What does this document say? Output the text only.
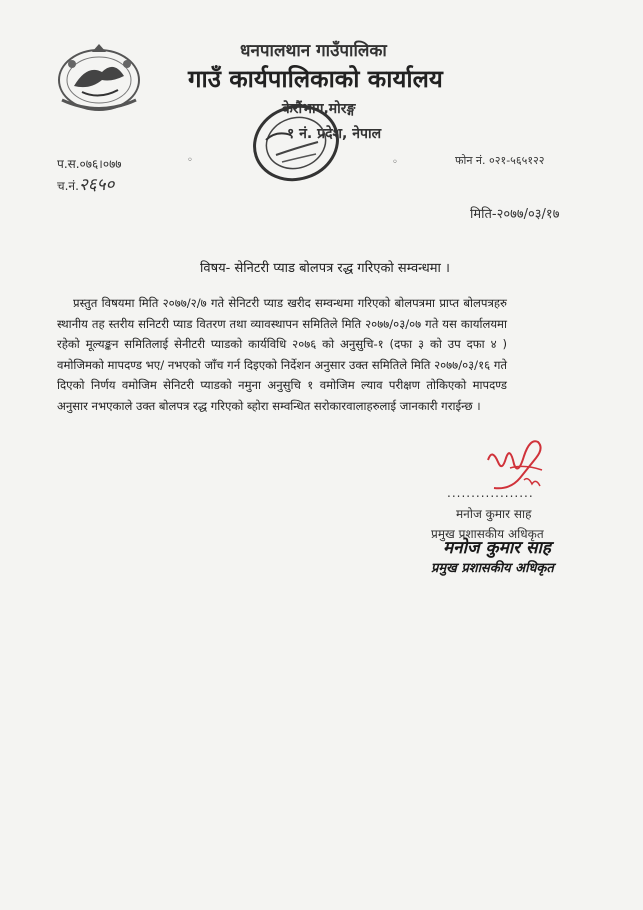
धनपालथान गाउँपालिका
गाउँ कार्यपालिकाको कार्यालय
केरौंभाग,मोरङ्ग
१ नं. प्रदेश, नेपाल
प.स.०७६।०७७
च.नं.२६५०
फोन नं. ०२१-५६५१२२
मिति-२०७७/०३/१७
विषय- सेनिटरी प्याड बोलपत्र रद्ध गरिएको सम्वन्धमा ।
प्रस्तुत विषयमा मिति २०७७/२/७ गते सेनिटरी प्याड खरीद सम्वन्धमा गरिएको बोलपत्रमा प्राप्त बोलपत्रहरु स्थानीय तह स्तरीय सनिटरी प्याड वितरण तथा व्यावस्थापन समितिले मिति २०७७/०३/०७ गते यस कार्यालयमा रहेको मूल्यङ्कन समितिलाई सेनीटरी प्याडको कार्यविधि २०७६ को अनुसुचि-१ (दफा ३ को उप दफा ४ ) वमोजिमको मापदण्ड भए/ नभएको जाँच गर्न दिइएको निर्देशन अनुसार उक्त समितिले मिति २०७७/०३/१६ गते दिएको निर्णय वमोजिम सेनिटरी प्याडको नमुना अनुसुचि १ वमोजिम ल्याव परीक्षण तोकिएको मापदण्ड अनुसार नभएकाले उक्त बोलपत्र रद्ध गरिएको ब्होरा सम्वन्धित सरोकारवालाहरुलाई जानकारी गराईन्छ ।
..................
मनोज कुमार साह
प्रमुख प्रशासकीय अधिकृत
मनोज कुमार साह
प्रमुख प्रशासकीय अधिकृत
◦	◦
